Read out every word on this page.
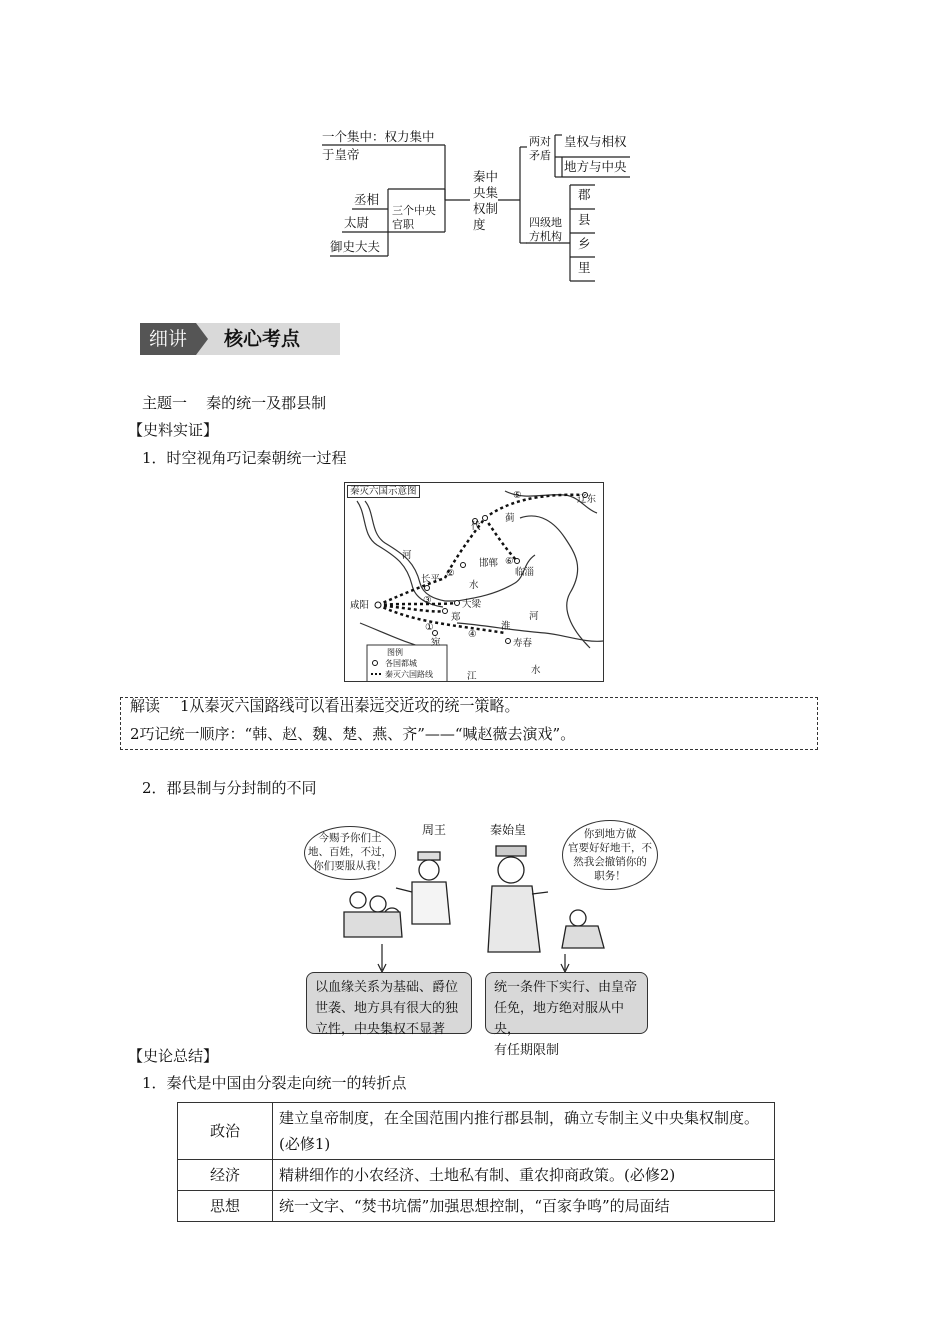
一个集中：权力集中
于皇帝
丞相
太尉
御史大夫
三个中央
官职
秦中
央集
权制
度
两对
矛盾
皇权与相权
地方与中央
四级地
方机构
郡
县
乡
里
细讲	核心考点
主题一    秦的统一及郡县制
【史料实证】
1．时空视角巧记秦朝统一过程
秦灭六国示意图
辽东
蓟
代
邯郸
临淄
长平
咸阳	大梁
郑
宛	寿春
河
水
淮
河
水
江
①
②
③
④
⑤
⑥
图例
各国都城
秦灭六国路线
解读 1从秦灭六国路线可以看出秦远交近攻的统一策略。
2巧记统一顺序：“韩、赵、魏、楚、燕、齐”——“喊赵薇去演戏”。
2．郡县制与分封制的不同
今赐予你们土
地、百姓，不过，
你们要服从我！
周王	秦始皇	你到地方做
官要好好地干，不
然我会撤销你的
职务！
以血缘关系为基础、爵位
世袭、地方具有很大的独
立性，中央集权不显著
统一条件下实行、由皇帝
任免，地方绝对服从中央，
有任期限制
【史论总结】
1．秦代是中国由分裂走向统一的转折点
政治	建立皇帝制度，在全国范围内推行郡县制，确立专制主义中央集权制度。(必修1)
经济	精耕细作的小农经济、土地私有制、重农抑商政策。(必修2)
思想	统一文字、“焚书坑儒”加强思想控制，“百家争鸣”的局面结
